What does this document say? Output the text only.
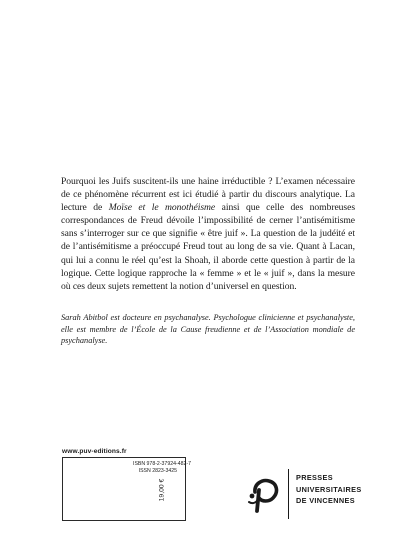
Pourquoi les Juifs suscitent-ils une haine irréductible ? L’examen nécessaire de ce phénomène récurrent est ici étudié à partir du discours analytique. La lecture de Moïse et le monothéisme ainsi que celle des nombreuses correspondances de Freud dévoile l’impossibilité de cerner l’antisémitisme sans s’interroger sur ce que signifie « être juif ». La question de la judéité et de l’antisémitisme a préoccupé Freud tout au long de sa vie. Quant à Lacan, qui lui a connu le réel qu’est la Shoah, il aborde cette question à partir de la logique. Cette logique rapproche la « femme » et le « juif », dans la mesure où ces deux sujets remettent la notion d’universel en question.

Sarah Abitbol est docteure en psychanalyse. Psychologue clinicienne et psychanalyste, elle est membre de l’École de la Cause freudienne et de l’Association mondiale de psychanalyse.

www.puv-editions.fr
ISBN 978-2-37924-482-7
ISSN 2823-3425
19,00 €
PRESSES
UNIVERSITAIRES
DE VINCENNES
